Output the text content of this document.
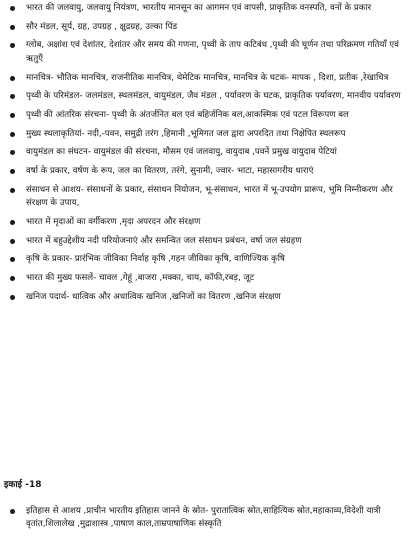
भारत की जलवायु, जलवायु नियंत्रण, भारतीय मानसून का आगमन एवं वापसी, प्राकृतिक वनस्पति, वनों के प्रकार
सौर मंडल, सूर्य, ग्रह, उपग्रह , क्षुद्रग्रह, उल्का पिंड
ग्लोब, अक्षांश एवं देशांतर, देशांतर और समय की गणना, पृथ्वी के ताप कटिबंध ,पृथ्वी की घूर्णन तथा परिक्रमण गतियाँ एवं ऋतुएँ
मानचित्र- भौतिक मानचित्र, राजनीतिक मानचित्र, थेमेटिक मानचित्र, मानचित्र के घटक- मापक , दिशा, प्रतीक ,रेखाचित्र
पृथ्वी के परिमंडल- जलमंडल, स्थलमंडल, वायुमंडल, जैव मंडल , पर्यावरण के घटक, प्राकृतिक पर्यावरण, मानवीय पर्यावरण
पृथ्वी की आंतरिक संरचना- पृथ्वी के अंतर्जनित बल एवं बहिर्जनिक बल,आकस्मिक एवं पटल विरूपण बल
मुख्य स्थलाकृतियां- नदी,-पवन, समुद्री तरंग ,हिमानी ,भूमिगत जल द्वारा अपरदित तथा निक्षेपित स्थलरूप
वायुमंडल का संघटन- वायुमंडल की संरचना, मौसम एवं जलवायु, वायुदाब ,पवनें प्रमुख वायुदाब पेटियां
वर्षा के प्रकार, वर्षण के रूप, जल का वितरण, तरंगे, सुनामी, ज्वार- भाटा, महासागरीय धाराएं
संसाधन से आशय- संसाधनों के प्रकार, संसाधन नियोजन, भू-संसाधन, भारत में भू-उपयोग प्रारूप, भूमि निम्नीकरण और संरक्षण के उपाय,
भारत में मृदाओं का वर्गीकरण ,मृदा अपरदन और संरक्षण
भारत में बहुउद्देशीय नदी परियोजनाएं और समन्वित जल संसाधन प्रबंधन, वर्षा जल संग्रहण
कृषि के प्रकार- प्रारंभिक जीविका निर्वाह कृषि ,गहन जीविका कृषि, वाणिज्यिक कृषि
भारत की मुख्य फसलें- चावल ,गेहूं ,बाजरा ,मक्का, चाय, कॉफी,रबड़, जूट
खनिज पदार्थ- धात्विक और अधात्विक खनिज ,खनिजों का वितरण ,खनिज संरक्षण
इकाई -18
इतिहास से आशय ,प्राचीन भारतीय इतिहास जानने के स्रोत- पुरातात्विक स्रोत,साहित्यिक स्रोत,महाकाव्य,विदेशी यात्री वृतांत,शिलालेख ,मुद्राशास्त्र ,पाषाण काल,ताम्रपाषाणिक संस्कृति
